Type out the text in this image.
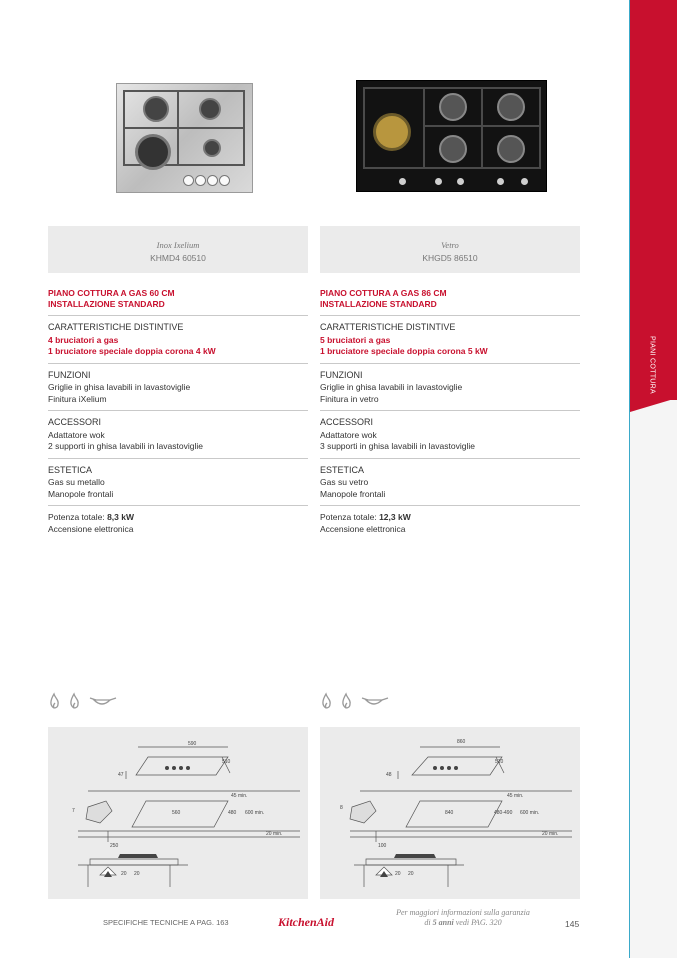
PIANI COTTURA
Inox Ixelium
KHMD4 60510
Vetro
KHGD5 86510
PIANO COTTURA A GAS 60 CM
INSTALLAZIONE STANDARD
CARATTERISTICHE DISTINTIVE
4 bruciatori a gas
1 bruciatore speciale doppia corona 4 kW
FUNZIONI
Griglie in ghisa lavabili in lavastoviglie
Finitura iXelium
ACCESSORI
Adattatore wok
2 supporti in ghisa lavabili in lavastoviglie
ESTETICA
Gas su metallo
Manopole frontali
Potenza totale: 8,3 kW
Accensione elettronica
PIANO COTTURA A GAS 86 CM
INSTALLAZIONE STANDARD
CARATTERISTICHE DISTINTIVE
5 bruciatori a gas
1 bruciatore speciale doppia corona 5 kW
FUNZIONI
Griglie in ghisa lavabili in lavastoviglie
Finitura in vetro
ACCESSORI
Adattatore wok
3 supporti in ghisa lavabili in lavastoviglie
ESTETICA
Gas su vetro
Manopole frontali
Potenza totale: 12,3 kW
Accensione elettronica
590
510
47
45 min.
560	480 600 min.
20 min.
250
7
20 20
860
510
48
45 min.
840	480-490 600 min.
20 min.
100
8
20 20
SPECIFICHE TECNICHE A PAG. 163	KitchenAid
Per maggiori informazioni sulla garanzia
di 5 anni vedi PAG. 320	145
